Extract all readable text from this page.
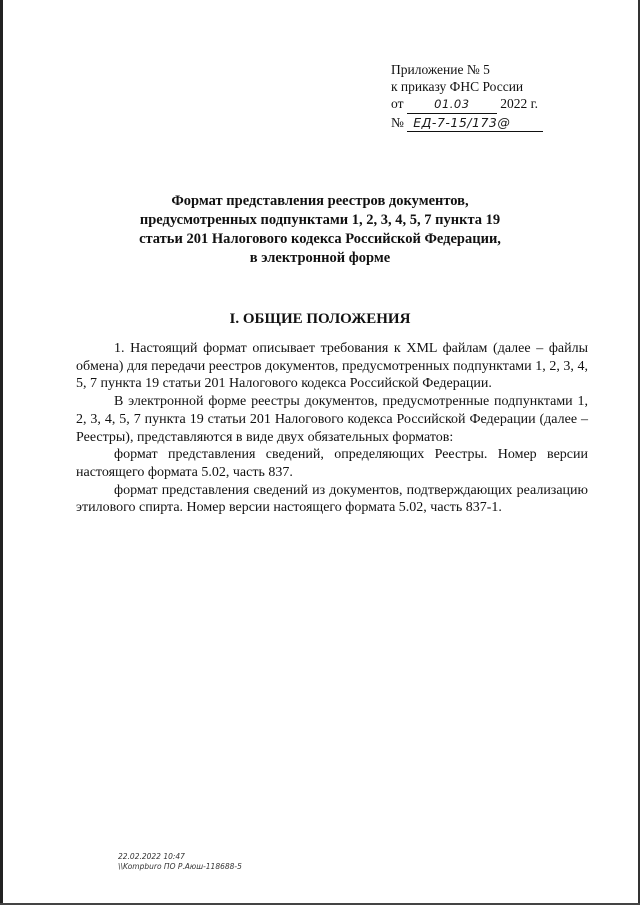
Приложение № 5
к приказу ФНС России
от	01.03 2022 г.
№ ЕД-7-15/173@
Формат представления реестров документов,
предусмотренных подпунктами 1, 2, 3, 4, 5, 7 пункта 19
статьи 201 Налогового кодекса Российской Федерации,
в электронной форме
I. ОБЩИЕ ПОЛОЖЕНИЯ

1. Настоящий формат описывает требования к XML файлам (далее – файлы обмена) для передачи реестров документов, предусмотренных подпунктами 1, 2, 3, 4, 5, 7 пункта 19 статьи 201 Налогового кодекса Российской Федерации.

В электронной форме реестры документов, предусмотренные подпунктами 1, 2, 3, 4, 5, 7 пункта 19 статьи 201 Налогового кодекса Российской Федерации (далее – Реестры), представляются в виде двух обязательных форматов:

формат представления сведений, определяющих Реестры. Номер версии настоящего формата 5.02, часть 837.

формат представления сведений из документов, подтверждающих реализацию этилового спирта. Номер версии настоящего формата 5.02, часть 837-1.

22.02.2022 10:47
\\Kompburo ПО Р.Аюш-118688-5
